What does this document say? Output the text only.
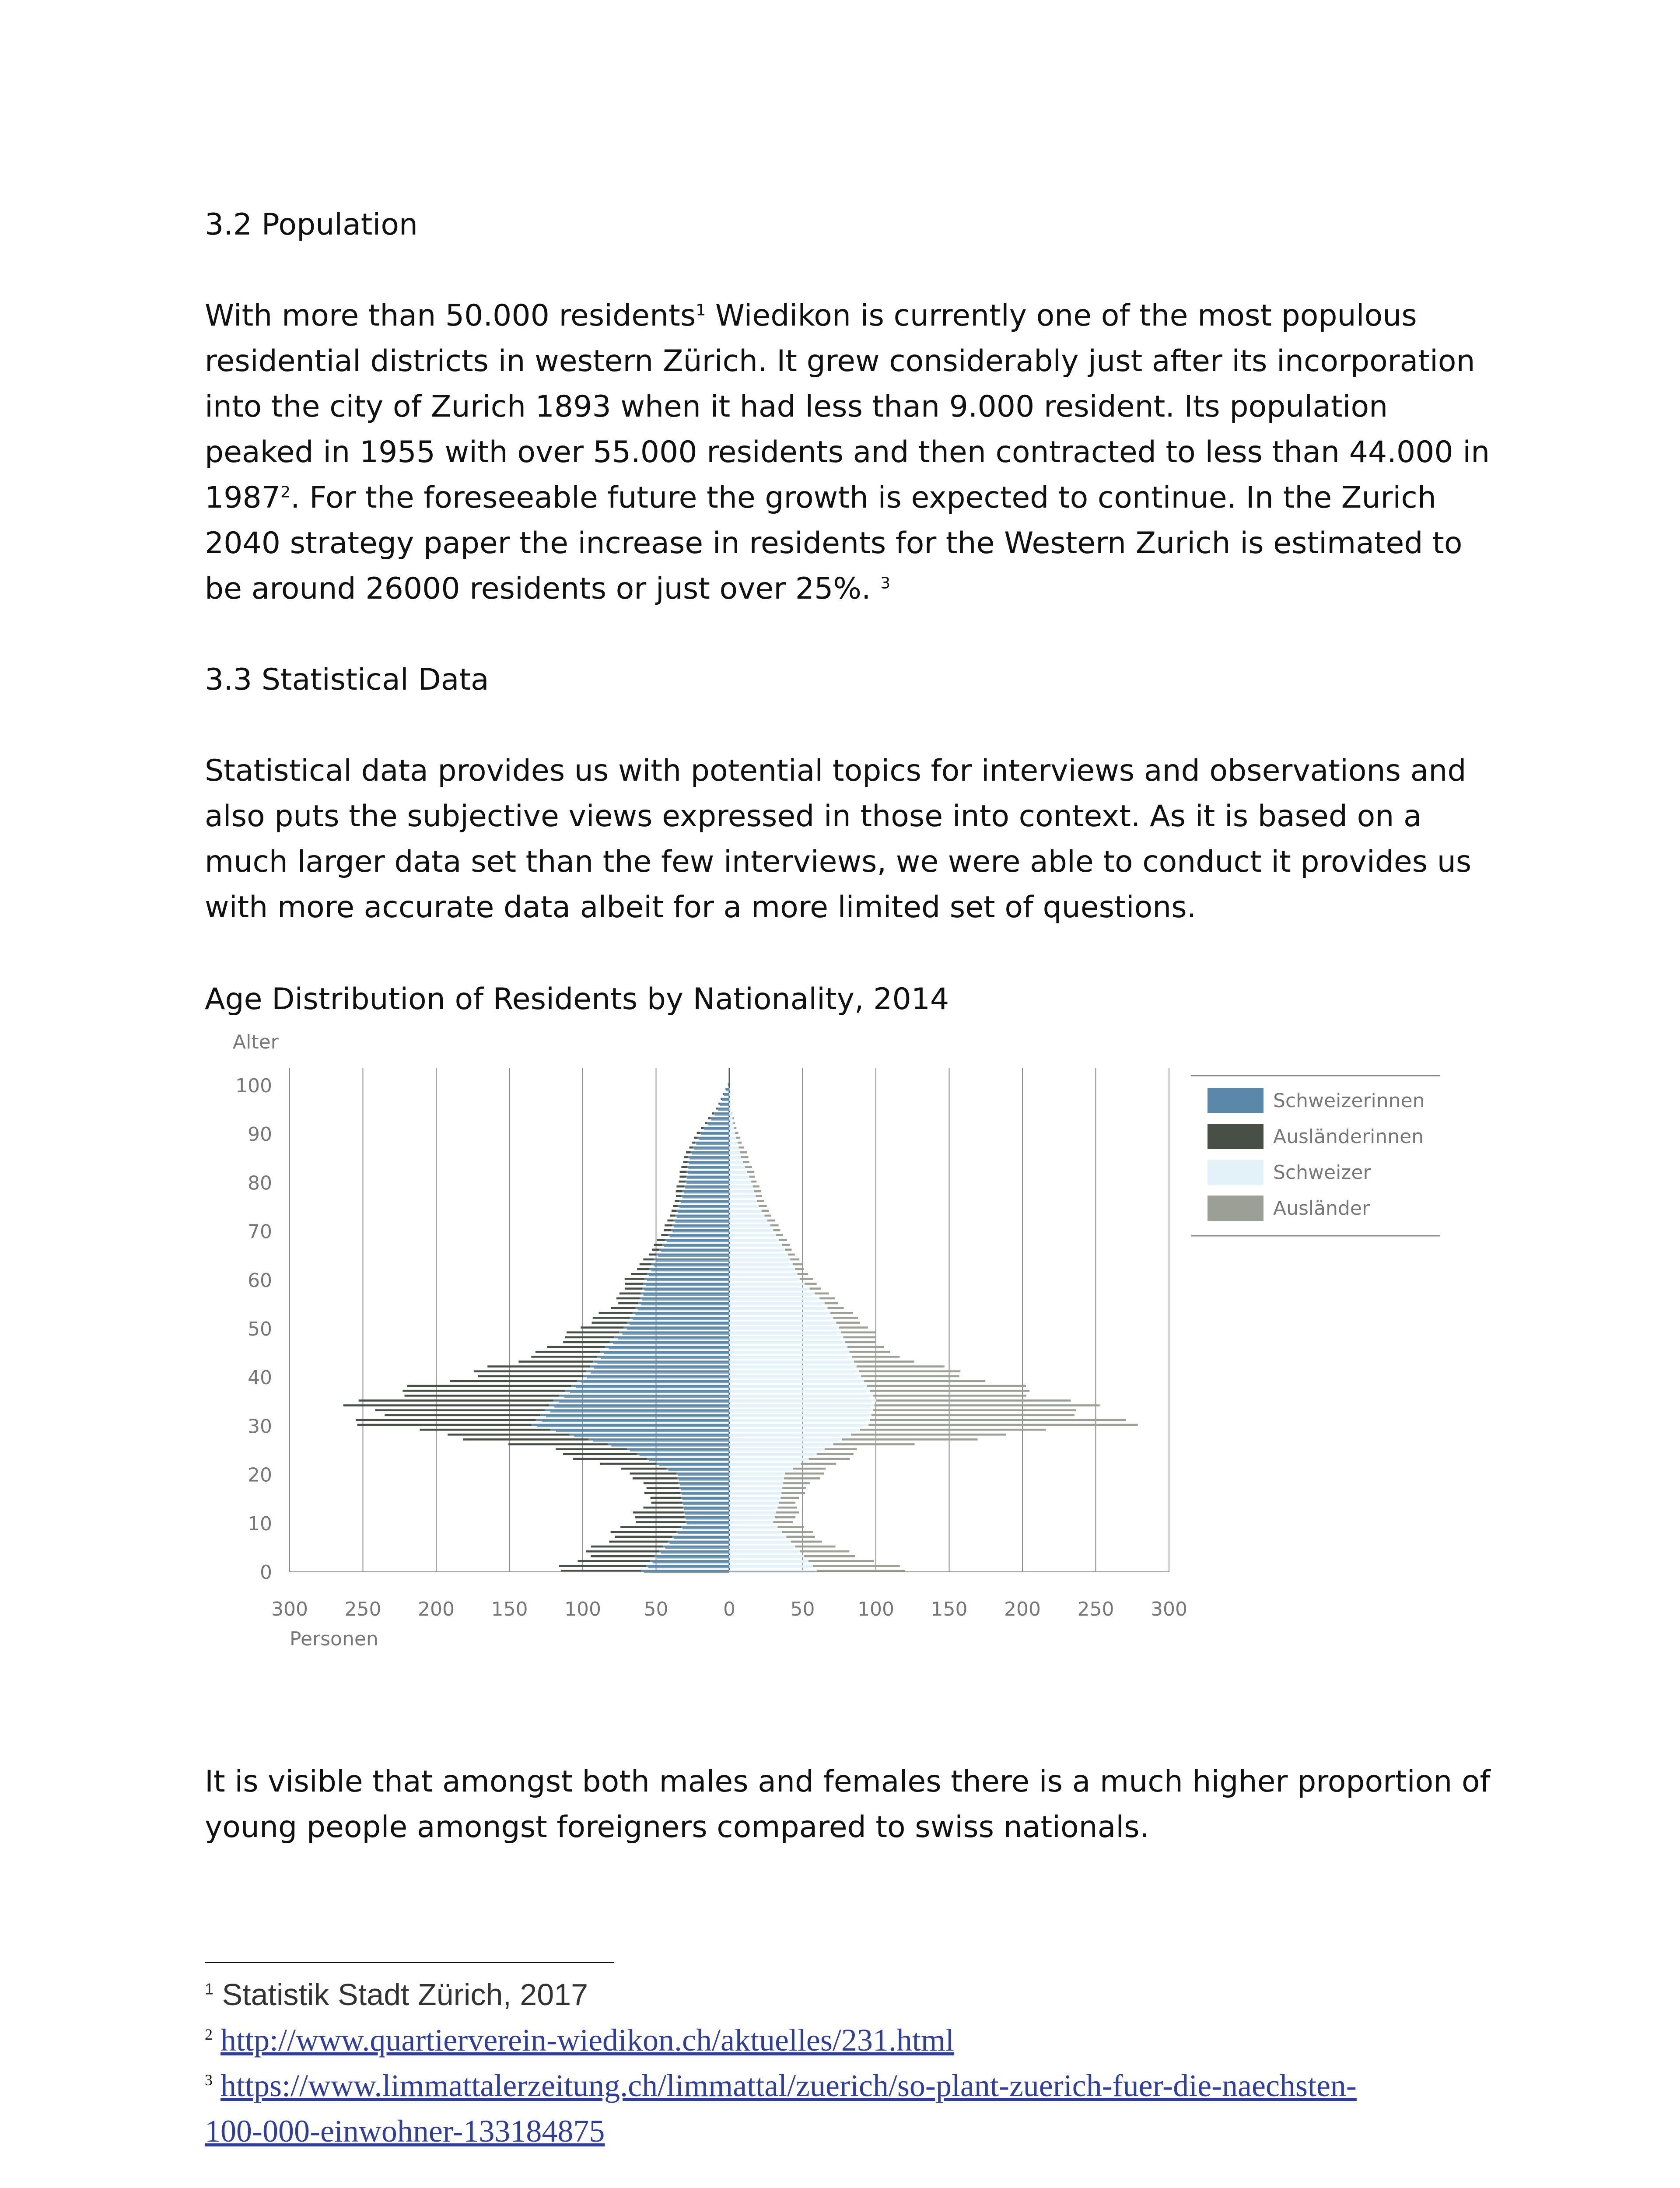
3.2 Population

With more than 50.000 residents$^1$ Wiedikon is currently one of the most populous residential districts in western Zürich. It grew considerably just after its incorporation into the city of Zurich 1893 when it had less than 9.000 resident. Its population peaked in 1955 with over 55.000 residents and then contracted to less than 44.000 in 1987$^2$. For the foreseeable future the growth is expected to continue. In the Zurich 2040 strategy paper the increase in residents for the Western Zurich is estimated to be around 26000 residents or just over 25%. $^3$

3.3 Statistical Data

Statistical data provides us with potential topics for interviews and observations and also puts the subjective views expressed in those into context. As it is based on a much larger data set than the few interviews, we were able to conduct it provides us with more accurate data albeit for a more limited set of questions.

Age Distribution of Residents by Nationality, 2014

It is visible that amongst both males and females there is a much higher proportion of young people amongst foreigners compared to swiss nationals.

300 250 200 150 100 50	0	50 100 150 200 250 300
0
10
20
30
40
50
60
70
80
90
100
Alter
Personen
Schweizerinnen
Ausländerinnen
Schweizer
Ausländer

$^1$ Statistik Stadt Zürich, 2017

$^2$ http://www.quartierverein-wiedikon.ch/aktuelles/231.html

$^3$ https://www.limmattalerzeitung.ch/limmattal/zuerich/so-plant-zuerich-fuer-die-naechsten-
100-000-einwohner-133184875
